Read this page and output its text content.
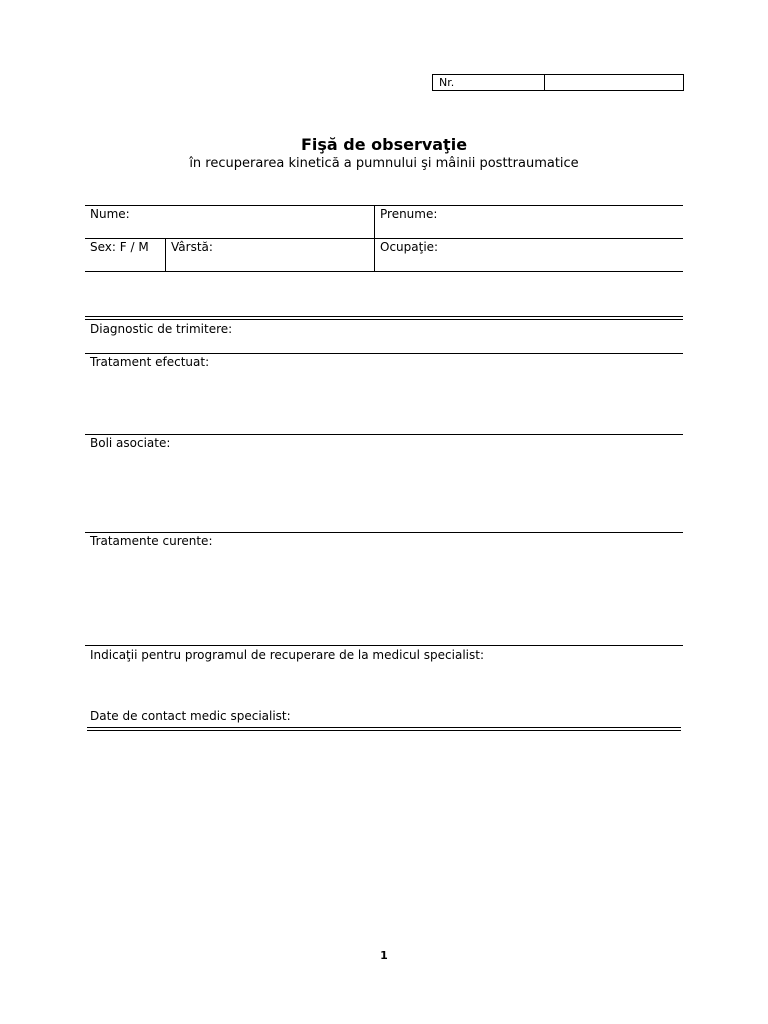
Nr.
Fişă de observaţie
în recuperarea kinetică a pumnului şi mâinii posttraumatice
Nume:	Prenume:
Sex: F / M Vârstă:	Ocupaţie:
Diagnostic de trimitere:
Tratament efectuat:
Boli asociate:
Tratamente curente:
Indicaţii pentru programul de recuperare de la medicul specialist:
Date de contact medic specialist:
1
